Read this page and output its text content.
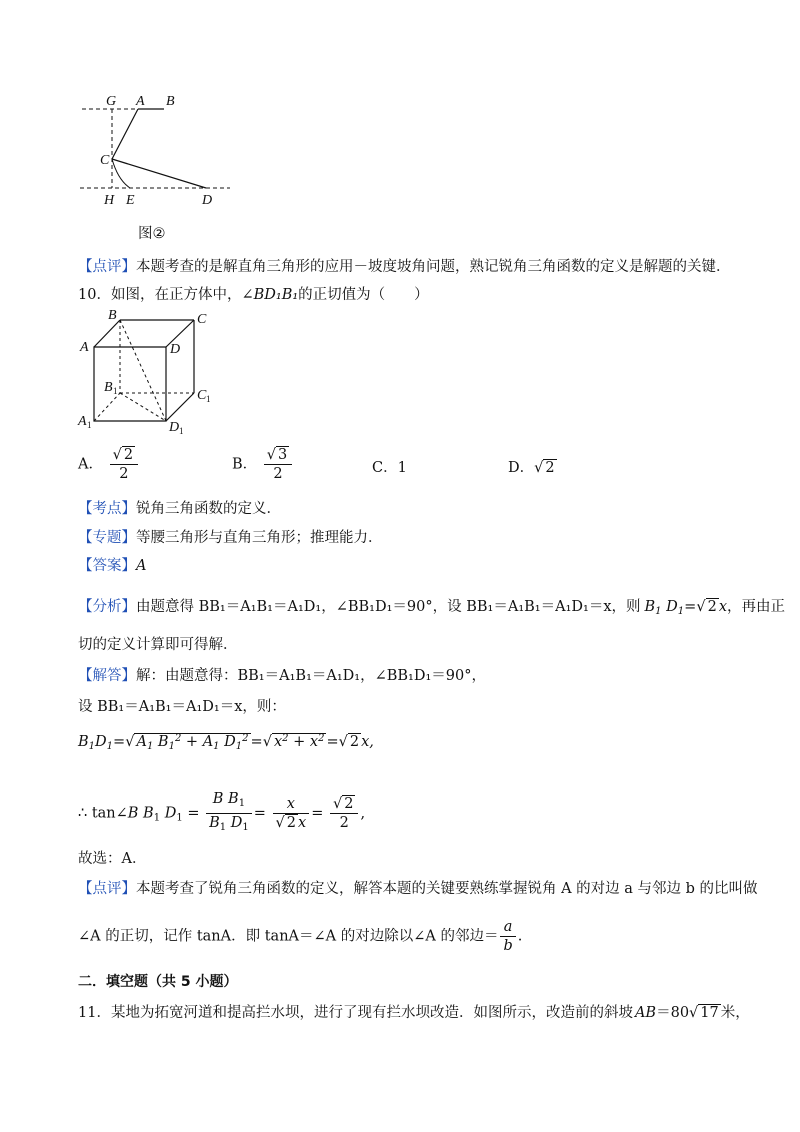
G A B
C
H E	D
图②
【点评】本题考查的是解直角三角形的应用－坡度坡角问题，熟记锐角三角函数的定义是解题的关键．
10．如图，在正方体中，∠BD₁B₁的正切值为（　　）
B	C
A	D
B 1	C 1
A 1	D 1
A． $\frac{√ 2}{2}$	B． $\frac{√ 3}{2}$	C．1	D．√ 2
【考点】锐角三角函数的定义．
【专题】等腰三角形与直角三角形；推理能力．
【答案】A
【分析】由题意得 BB₁＝A₁B₁＝A₁D₁，∠BB₁D₁＝90°，设 BB₁＝A₁B₁＝A₁D₁＝x，则 $B_1$ $D_1=√$ 2 x，再由正
切的定义计算即可得解．
【解答】解：由题意得：BB₁＝A₁B₁＝A₁D₁，∠BB₁D₁＝90°，
设 BB₁＝A₁B₁＝A₁D₁＝x，则：
$B_1D_1=√$ $A_1$ $B_1^2 + A_1$ $D_1^2$ =√ $x^2 + x^2$ =√ 2 x,
∴ tan∠B $B_1$ $D_1 = \frac{B B_1}{B_1 D_1} = \frac{x}{√ 2 x} = \frac{√ 2}{2}$ ,
故选：A．
【点评】本题考查了锐角三角函数的定义，解答本题的关键要熟练掌握锐角 A 的对边 a 与邻边 b 的比叫做
∠A 的正切，记作 tanA．即 tanA＝∠A 的对边除以∠A 的邻边＝ $\frac{a}{b}$ .
二．填空题（共 5 小题）
11．某地为拓宽河道和提高拦水坝，进行了现有拦水坝改造．如图所示，改造前的斜坡 AB＝80√ 17 米，
